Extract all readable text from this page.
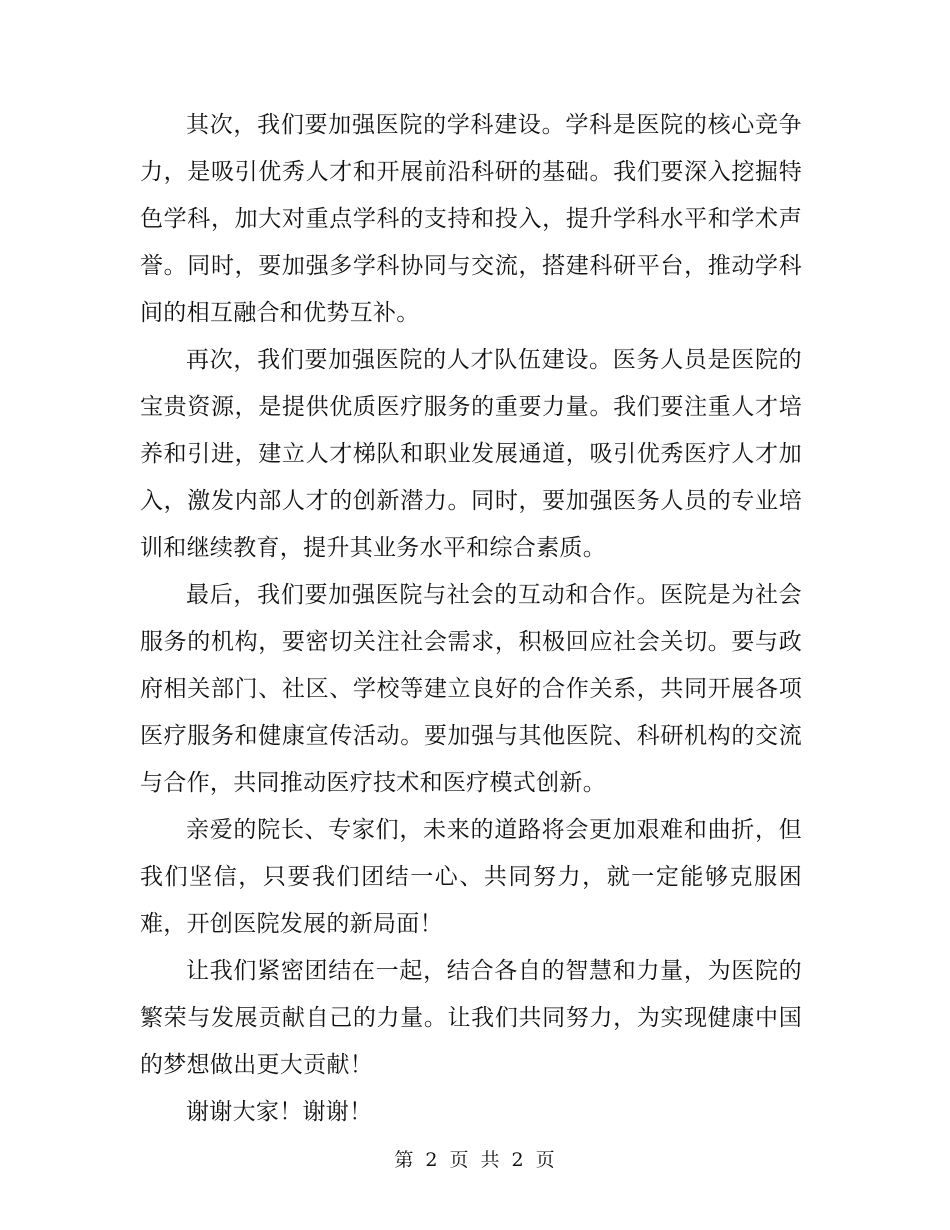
其次，我们要加强医院的学科建设。学科是医院的核心竞争力，是吸引优秀人才和开展前沿科研的基础。我们要深入挖掘特色学科，加大对重点学科的支持和投入，提升学科水平和学术声誉。同时，要加强多学科协同与交流，搭建科研平台，推动学科间的相互融合和优势互补。

再次，我们要加强医院的人才队伍建设。医务人员是医院的宝贵资源，是提供优质医疗服务的重要力量。我们要注重人才培养和引进，建立人才梯队和职业发展通道，吸引优秀医疗人才加入，激发内部人才的创新潜力。同时，要加强医务人员的专业培训和继续教育，提升其业务水平和综合素质。

最后，我们要加强医院与社会的互动和合作。医院是为社会服务的机构，要密切关注社会需求，积极回应社会关切。要与政府相关部门、社区、学校等建立良好的合作关系，共同开展各项医疗服务和健康宣传活动。要加强与其他医院、科研机构的交流与合作，共同推动医疗技术和医疗模式创新。

亲爱的院长、专家们，未来的道路将会更加艰难和曲折，但我们坚信，只要我们团结一心、共同努力，就一定能够克服困难，开创医院发展的新局面！

让我们紧密团结在一起，结合各自的智慧和力量，为医院的繁荣与发展贡献自己的力量。让我们共同努力，为实现健康中国的梦想做出更大贡献！

谢谢大家！谢谢！

第 2 页 共 2 页
